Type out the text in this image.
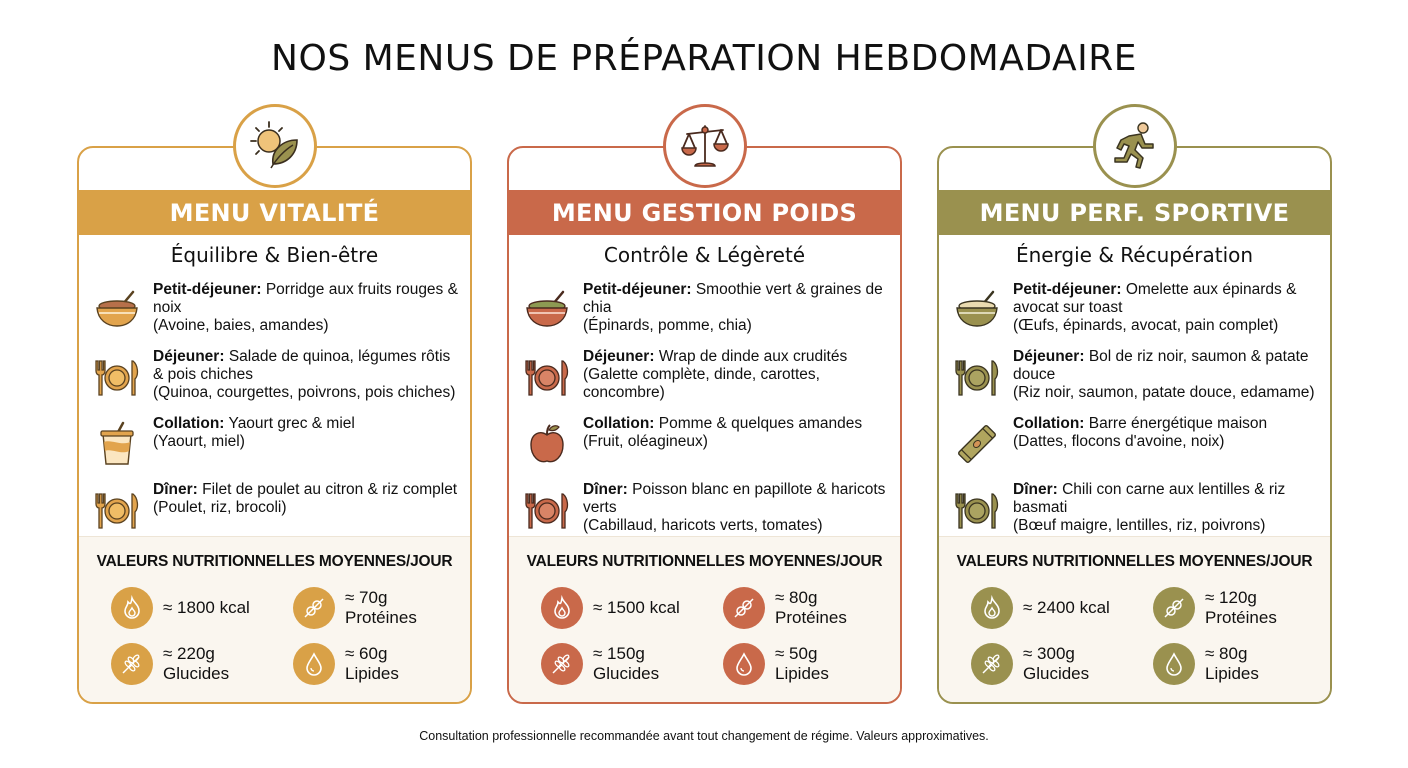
NOS MENUS DE PRÉPARATION HEBDOMADAIRE
MENU VITALITÉ
Équilibre & Bien-être
Petit-déjeuner: Porridge aux fruits rouges & noix
(Avoine, baies, amandes)
Déjeuner: Salade de quinoa, légumes rôtis & pois chiches
(Quinoa, courgettes, poivrons, pois chiches)
Collation: Yaourt grec & miel
(Yaourt, miel)
Dîner: Filet de poulet au citron & riz complet
(Poulet, riz, brocoli)
VALEURS NUTRITIONNELLES MOYENNES/JOUR
≈ 1800 kcal
≈ 70g
Protéines
≈ 220g
Glucides
≈ 60g
Lipides
MENU GESTION POIDS
Contrôle & Légèreté
Petit-déjeuner: Smoothie vert & graines de chia
(Épinards, pomme, chia)
Déjeuner: Wrap de dinde aux crudités
(Galette complète, dinde, carottes, concombre)
Collation: Pomme & quelques amandes
(Fruit, oléagineux)
Dîner: Poisson blanc en papillote & haricots verts
(Cabillaud, haricots verts, tomates)
VALEURS NUTRITIONNELLES MOYENNES/JOUR
≈ 1500 kcal
≈ 80g
Protéines
≈ 150g
Glucides
≈ 50g
Lipides
MENU PERF. SPORTIVE
Énergie & Récupération
Petit-déjeuner: Omelette aux épinards & avocat sur toast
(Œufs, épinards, avocat, pain complet)
Déjeuner: Bol de riz noir, saumon & patate douce
(Riz noir, saumon, patate douce, edamame)
Collation: Barre énergétique maison
(Dattes, flocons d'avoine, noix)
Dîner: Chili con carne aux lentilles & riz basmati
(Bœuf maigre, lentilles, riz, poivrons)
VALEURS NUTRITIONNELLES MOYENNES/JOUR
≈ 2400 kcal
≈ 120g
Protéines
≈ 300g
Glucides
≈ 80g
Lipides

Consultation professionnelle recommandée avant tout changement de régime. Valeurs approximatives.
